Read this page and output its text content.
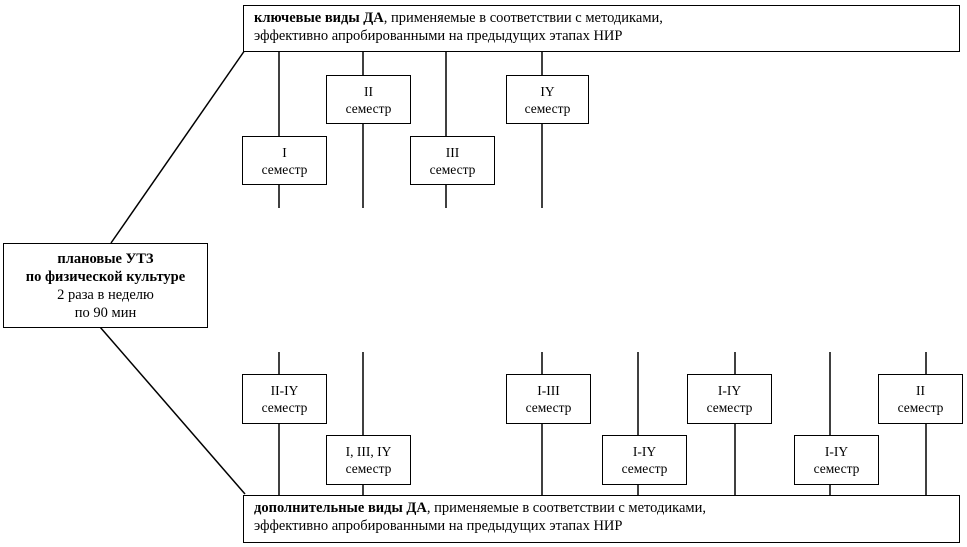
ключевые виды ДА, применяемые в соответствии с методиками,
эффективно апробированными на предыдущих этапах НИР
плановые УТЗ
по физической культуре
2 раза в неделю
по 90 мин
I
семестр
II
семестр
III
семестр
IY
семестр
II-IY
семестр
I, III, IY
семестр
I-III
семестр
I-IY
семестр
I-IY
семестр
I-IY
семестр
II
семестр
дополнительные виды ДА, применяемые в соответствии с методиками,
эффективно апробированными на предыдущих этапах НИР
